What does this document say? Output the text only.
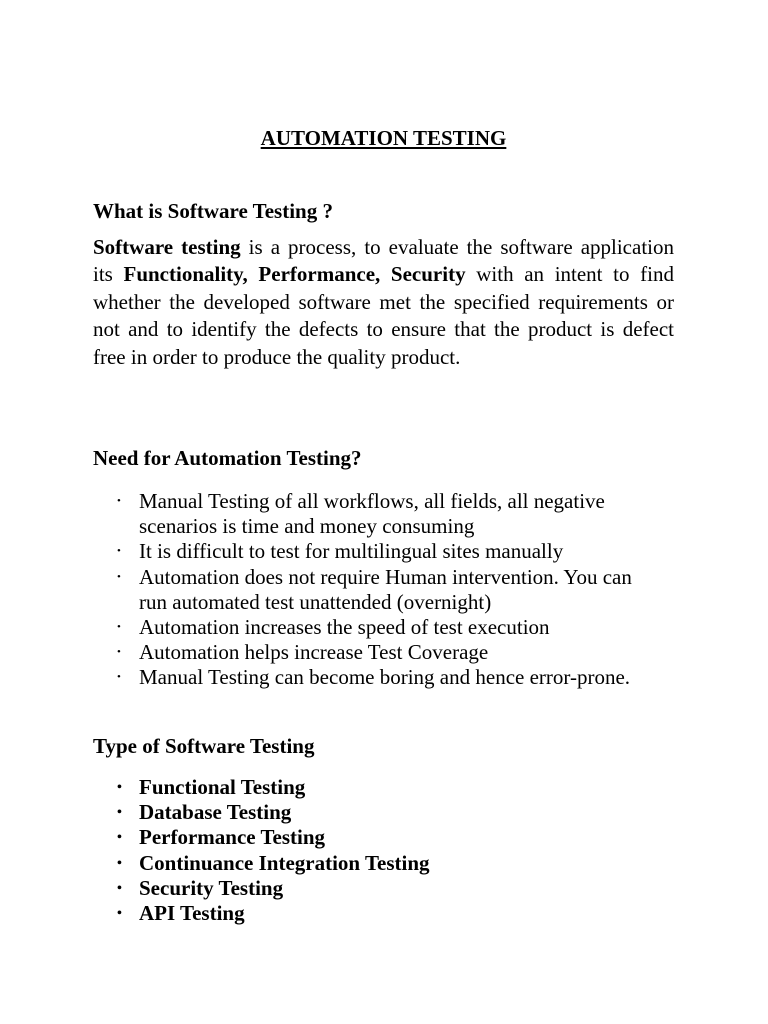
AUTOMATION TESTING
What is Software Testing ?

Software testing is a process, to evaluate the software application its Functionality, Performance, Security with an intent to find whether the developed software met the specified requirements or not and to identify the defects to ensure that the product is defect free in order to produce the quality product.

Need for Automation Testing?
• Manual Testing of all workflows, all fields, all negative scenarios is time and money consuming
• It is difficult to test for multilingual sites manually
• Automation does not require Human intervention. You can run automated test unattended (overnight)
• Automation increases the speed of test execution
• Automation helps increase Test Coverage
• Manual Testing can become boring and hence error-prone.
Type of Software Testing
• Functional Testing
• Database Testing
• Performance Testing
• Continuance Integration Testing
• Security Testing
• API Testing
